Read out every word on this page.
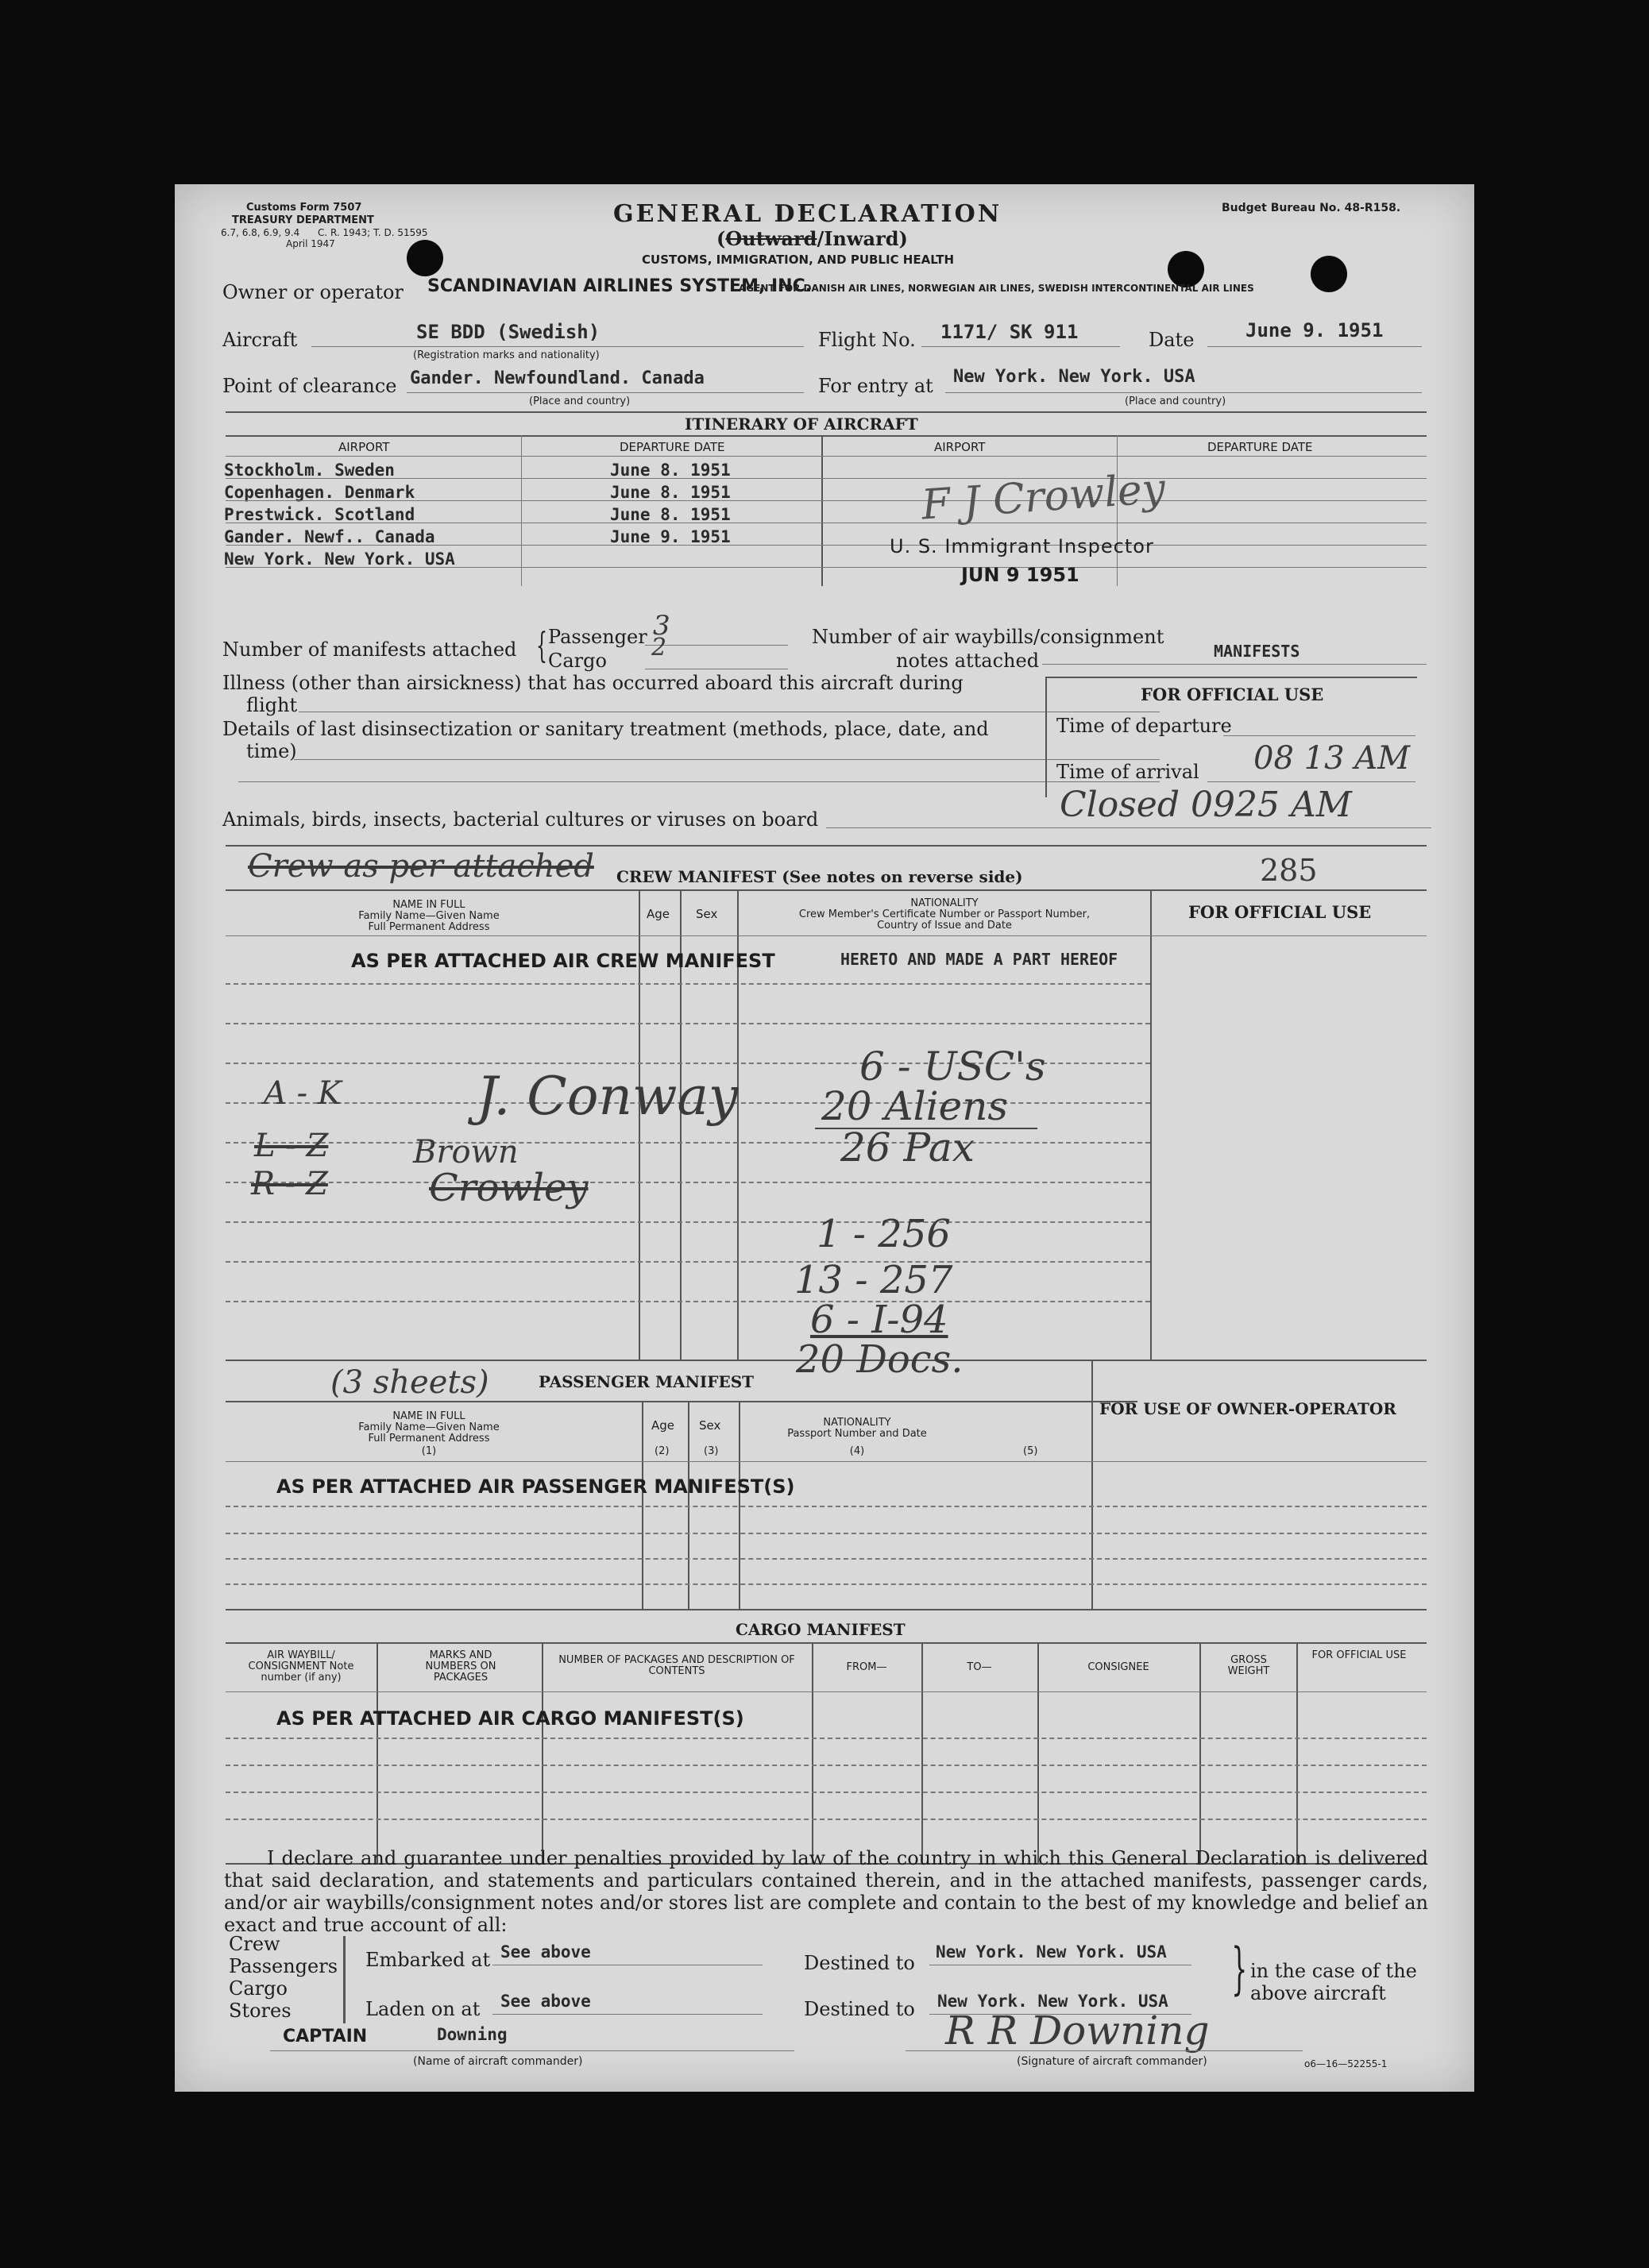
Customs Form 7507
TREASURY DEPARTMENT
6.7, 6.8, 6.9, 9.4 C. R. 1943; T. D. 51595
April 1947
GENERAL DECLARATION
(Outward/Inward)
CUSTOMS, IMMIGRATION, AND PUBLIC HEALTH
Budget Bureau No. 48-R158.
Owner or operator SCANDINAVIAN AIRLINES SYSTEM, INC.
AGENT FOR DANISH AIR LINES, NORWEGIAN AIR LINES, SWEDISH INTERCONTINENTAL AIR LINES
Aircraft	SE BDD (Swedish)
(Registration marks and nationality)
Flight No. 1171/ SK 911	Date	June 9. 1951
Point of clearance Gander. Newfoundland. Canada
(Place and country)
For entry at New York. New York. USA
(Place and country)
ITINERARY OF AIRCRAFT
AIRPORT	DEPARTURE DATE	AIRPORT	DEPARTURE DATE
Stockholm. Sweden	June 8. 1951
Copenhagen. Denmark	June 8. 1951
Prestwick. Scotland	June 8. 1951
Gander. Newf.. Canada	June 9. 1951
New York. New York. USA
F J Crowley
U. S. Immigrant Inspector
JUN 9 1951
Number of manifests attached { Passenger 3
Cargo 2	Number of air waybills/consignment
notes attached	MANIFESTS
Illness (other than airsickness) that has occurred aboard this aircraft during
flight
Details of last disinsectization or sanitary treatment (methods, place, date, and
time)
FOR OFFICIAL USE
Time of departure
Time of arrival 08 13 AM
Closed 0925 AM
Animals, birds, insects, bacterial cultures or viruses on board
Crew as per attached CREW MANIFEST (See notes on reverse side)	285
NAME IN FULL
Family Name—Given Name
Full Permanent Address
Age Sex
NATIONALITY
Crew Member's Certificate Number or Passport Number,
Country of Issue and Date
FOR OFFICIAL USE
AS PER ATTACHED AIR CREW MANIFEST	HERETO AND MADE A PART HEREOF
A - K
L - Z
R - Z
J. Conway
Brown
Crowley
6 - USC's
20 Aliens
26 Pax
1 - 256
13 - 257
6 - I-94
20 Docs.
(3 sheets)	PASSENGER MANIFEST
FOR USE OF OWNER-OPERATOR
NAME IN FULL
Family Name—Given Name
Full Permanent Address
(1)
Age
(2)
Sex
(3)
NATIONALITY
Passport Number and Date
(4)	(5)
AS PER ATTACHED AIR PASSENGER MANIFEST(S)
CARGO MANIFEST
AIR WAYBILL/ CONSIGNMENT Note number (if any)
MARKS AND NUMBERS ON PACKAGES
NUMBER OF PACKAGES AND DESCRIPTION OF CONTENTS	FROM—	TO—	CONSIGNEE
GROSS WEIGHT
FOR OFFICIAL USE
AS PER ATTACHED AIR CARGO MANIFEST(S)
I declare and guarantee under penalties provided by law of the country in which this General Declaration is delivered that said declaration, and statements and particulars contained therein, and in the attached manifests, passenger cards, and/or air waybills/consignment notes and/or stores list are complete and contain to the best of my knowledge and belief an exact and true account of all:
Crew
Passengers
Cargo
Stores
Embarked at See above
Laden on at See above
Destined to New York. New York. USA
Destined to New York. New York. USA } in the case of the
above aircraft
CAPTAIN	Downing
(Name of aircraft commander)
R R Downing
(Signature of aircraft commander)	o6—16—52255-1
